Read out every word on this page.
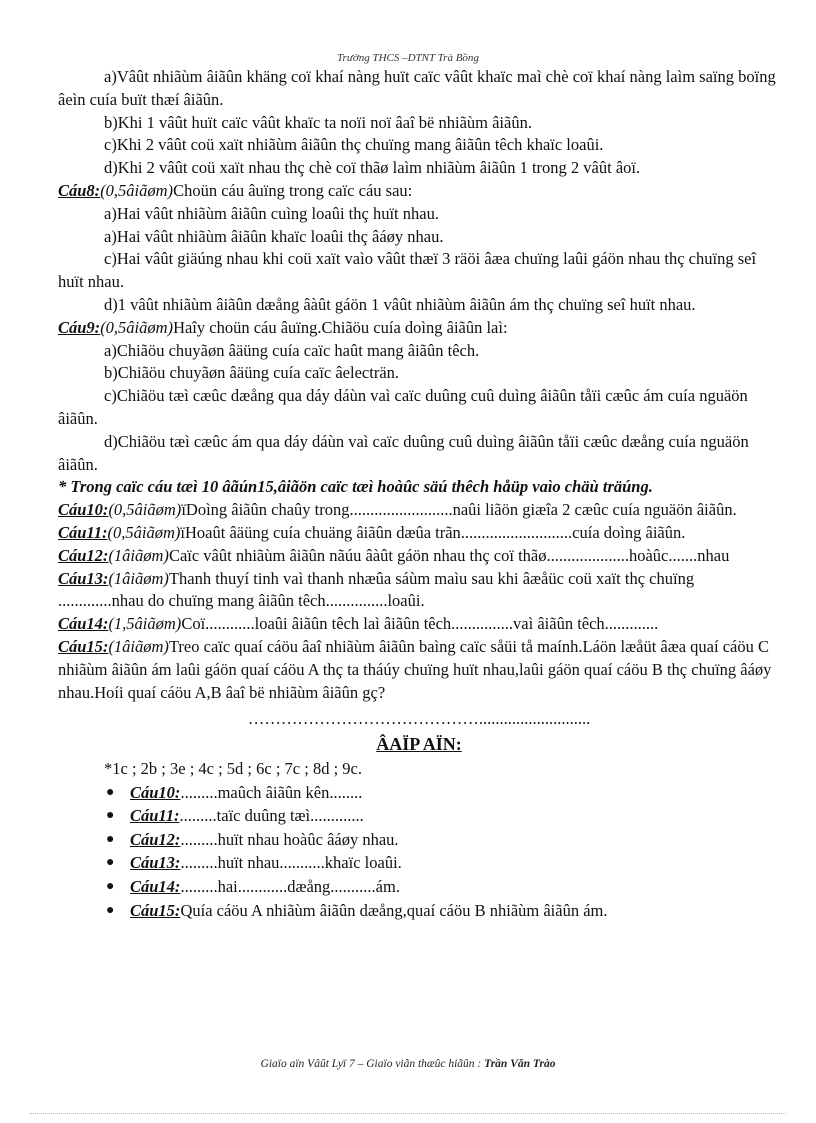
Trường THCS –DTNT Trà Bồng

a)Vâût nhiãùm âiãûn khäng coï khaí nàng huït caïc vâût khaïc maì chè coï khaí nàng laìm saïng boïng âeìn cuía buït thæí âiãûn.

b)Khi 1 vâût huït caïc vâût khaïc ta noïi noï âaî bë nhiãùm âiãûn.

c)Khi 2 vâût coü xaït nhiãùm âiãûn thç chuïng mang âiãûn têch khaïc loaûi.

d)Khi 2 vâût coü xaït nhau thç chè coï thãø laìm nhiãùm âiãûn 1 trong 2 vâût âoï.

Cáu8:(0,5âiãøm)Choün cáu âuïng trong caïc cáu sau:

a)Hai vâût nhiãùm âiãûn cuìng loaûi thç huït nhau.

a)Hai vâût nhiãùm âiãûn khaïc loaûi thç âáøy nhau.

c)Hai vâût giäúng nhau khi coü xaït vaìo vâût thæï 3 räöi âæa chuïng laûi gáön nhau thç chuïng seî huït nhau.

d)1 vâût nhiãùm âiãûn dæång âàût gáön 1 vâût nhiãùm âiãûn ám thç chuïng seî huït nhau.

Cáu9:(0,5âiãøm)Haîy choün cáu âuïng.Chiãöu cuía doìng âiãûn laì:

a)Chiãöu chuyãøn âäüng cuía caïc haût mang âiãûn têch.

b)Chiãöu chuyãøn âäüng cuía caïc âelecträn.

c)Chiãöu tæì cæûc dæång qua dáy dáùn vaì caïc duûng cuû duìng âiãûn tåïi cæûc ám cuía nguäön âiãûn.

d)Chiãöu tæì cæûc ám qua dáy dáùn vaì caïc duûng cuû duìng âiãûn tåïi cæûc dæång cuía nguäön âiãûn.

* Trong caïc cáu tæì 10 âãún15,âiãön caïc tæì hoàûc säú thêch håüp vaìo chäù träúng.

Cáu10:(0,5âiãøm)ïDoìng âiãûn chaûy trong.........................naûi liãön giæîa 2 cæûc cuía nguäön âiãûn.

Cáu11:(0,5âiãøm)ïHoaût âäüng cuía chuäng âiãûn dæûa trãn...........................cuía doìng âiãûn.

Cáu12:(1âiãøm)Caïc vâût nhiãùm âiãûn nãúu âàût gáön nhau thç coï thãø....................hoàûc.......nhau

Cáu13:(1âiãøm)Thanh thuyí tinh vaì thanh nhæûa sáùm maìu sau khi âæåüc coü xaït thç chuïng .............nhau do chuïng mang âiãûn têch...............loaûi.

Cáu14:(1,5âiãøm)Coï............loaûi âiãûn têch laì âiãûn têch...............vaì âiãûn têch.............

Cáu15:(1âiãøm)Treo caïc quaí cáöu âaî nhiãùm âiãûn baìng caïc såüi tå maính.Láön læåüt âæa quaí cáöu C nhiãùm âiãûn ám laûi gáön quaí cáöu A thç ta tháúy chuïng huït nhau,laûi gáön quaí cáöu B thç chuïng âáøy nhau.Hoíi quaí cáöu A,B âaî bë nhiãùm âiãûn gç?

……………………………………...........................

ÂAÏP AÏN:

*1c ; 2b ; 3e ; 4c ; 5d ; 6c ; 7c ; 8d ; 9c.

● Cáu10:.........maûch âiãûn kên........
● Cáu11:.........taïc duûng tæì.............
● Cáu12:.........huït nhau hoàûc âáøy nhau.
● Cáu13:.........huït nhau...........khaïc loaûi.
● Cáu14:.........hai............dæång...........ám.
● Cáu15:Quía cáöu A nhiãùm âiãûn dæång,quaí cáöu B nhiãùm âiãûn ám.
Giaïo aïn Vâût Lyï 7 – Giaïo viãn thæûc hiãûn : Trần Văn Trào
